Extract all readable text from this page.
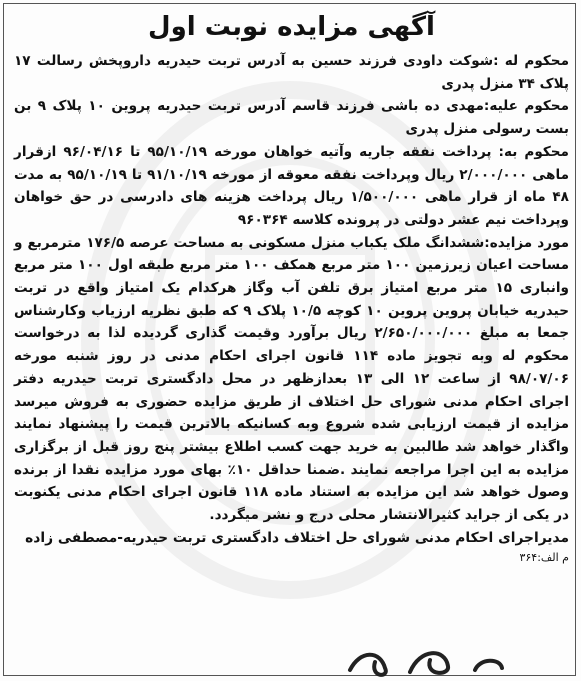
آگهی مزایده نوبت اول

محکوم له :شوکت داودی فرزند حسین به آدرس تربت حیدریه داروپخش رسالت ۱۷ پلاک ۳۴ منزل پدری

محکوم علیه:مهدی ده باشی فرزند قاسم آدرس تربت حیدریه پروین ۱۰ پلاک ۹ بن بست رسولی منزل پدری

محکوم به: پرداخت نفقه جاریه وآتیه خواهان مورخه ۹۵/۱۰/۱۹ تا ۹۶/۰۴/۱۶ ازقرار ماهی ۲/۰۰۰/۰۰۰ ریال وپرداخت نفقه معوقه از مورخه ۹۱/۱۰/۱۹ تا ۹۵/۱۰/۱۹ به مدت ۴۸ ماه از قرار ماهی ۱/۵۰۰/۰۰۰ ریال پرداخت هزینه های دادرسی در حق خواهان وپرداخت نیم عشر دولتی در پرونده کلاسه ۹۶۰۳۶۴

مورد مزایده:ششدانگ ملک یکباب منزل مسکونی به مساحت عرصه ۱۷۶/۵ مترمربع و مساحت اعیان زیرزمین ۱۰۰ متر مربع همکف ۱۰۰ متر مربع طبقه اول ۱۰۰ متر مربع وانباری ۱۵ متر مربع امتیاز برق تلفن آب وگاز هرکدام یک امتیاز واقع در تربت حیدریه خیابان پروین پروین ۱۰ کوچه ۱۰/۵ پلاک ۹ که طبق نظریه ارزیاب وکارشناس جمعا به مبلغ ۲/۶۵۰/۰۰۰/۰۰۰ ریال برآورد وقیمت گذاری گردیده لذا به درخواست محکوم له وبه تجویز ماده ۱۱۴ قانون اجرای احکام مدنی در روز شنبه مورخه ۹۸/۰۷/۰۶ از ساعت ۱۲ الی ۱۳ بعدازظهر در محل دادگستری تربت حیدریه دفتر اجرای احکام مدنی شورای حل اختلاف از طریق مزایده حضوری به فروش میرسد مزایده از قیمت ارزیابی شده شروع وبه کسانیکه بالاترین قیمت را پیشنهاد نمایند واگذار خواهد شد طالبین به خرید جهت کسب اطلاع بیشتر پنج روز قبل از برگزاری مزایده به این اجرا مراجعه نمایند .ضمنا حداقل ۱۰٪ بهای مورد مزایده نقدا از برنده وصول خواهد شد این مزایده به استناد ماده ۱۱۸ قانون اجرای احکام مدنی یکنوبت در یکی از جراید کثیرالانتشار محلی درج و نشر میگردد.

مدیراجرای احکام مدنی شورای حل اختلاف دادگستری تربت حیدریه-مصطفی زاده
م الف:۳۶۴
